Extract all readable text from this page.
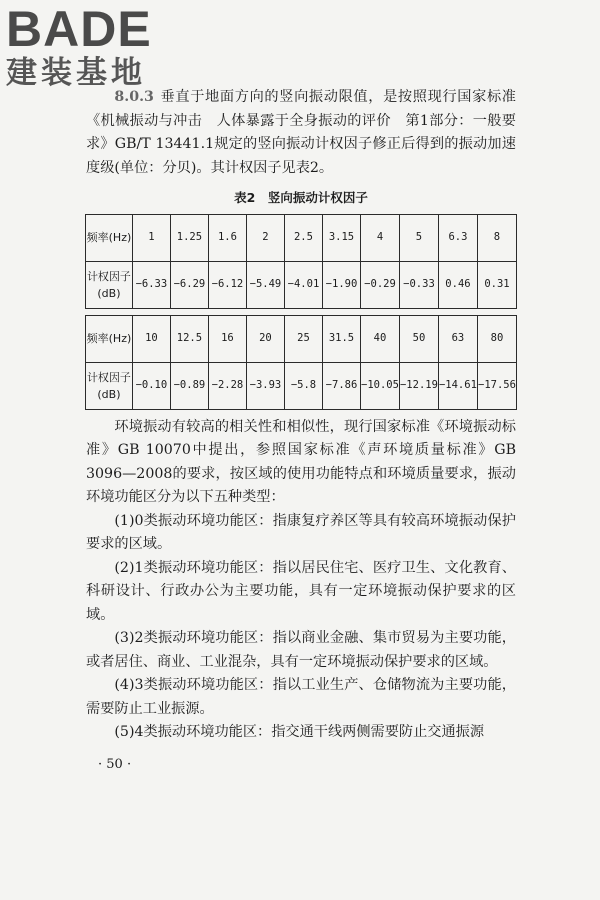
BADE
建装基地

8.0.3 垂直于地面方向的竖向振动限值，是按照现行国家标准《机械振动与冲击　人体暴露于全身振动的评价　第1部分：一般要求》GB/T 13441.1规定的竖向振动计权因子修正后得到的振动加速度级(单位：分贝)。其计权因子见表2。

表2　竖向振动计权因子
频率(Hz)	1	1.25	1.6	2	2.5	3.15	4	5	6.3	8
计权因子(dB)	−6.33	−6.29	−6.12	−5.49	−4.01	−1.90	−0.29	−0.33	0.46	0.31

频率(Hz)	10	12.5	16	20	25	31.5	40	50	63	80
计权因子(dB)	−0.10	−0.89	−2.28	−3.93	−5.8	−7.86	−10.05	−12.19	−14.61	−17.56

环境振动有较高的相关性和相似性，现行国家标准《环境振动标准》GB 10070中提出，参照国家标准《声环境质量标准》GB 3096—2008的要求，按区域的使用功能特点和环境质量要求，振动环境功能区分为以下五种类型：

(1)0类振动环境功能区：指康复疗养区等具有较高环境振动保护要求的区域。

(2)1类振动环境功能区：指以居民住宅、医疗卫生、文化教育、科研设计、行政办公为主要功能，具有一定环境振动保护要求的区域。

(3)2类振动环境功能区：指以商业金融、集市贸易为主要功能，或者居住、商业、工业混杂，具有一定环境振动保护要求的区域。

(4)3类振动环境功能区：指以工业生产、仓储物流为主要功能，需要防止工业振源。

(5)4类振动环境功能区：指交通干线两侧需要防止交通振源

· 50 ·
